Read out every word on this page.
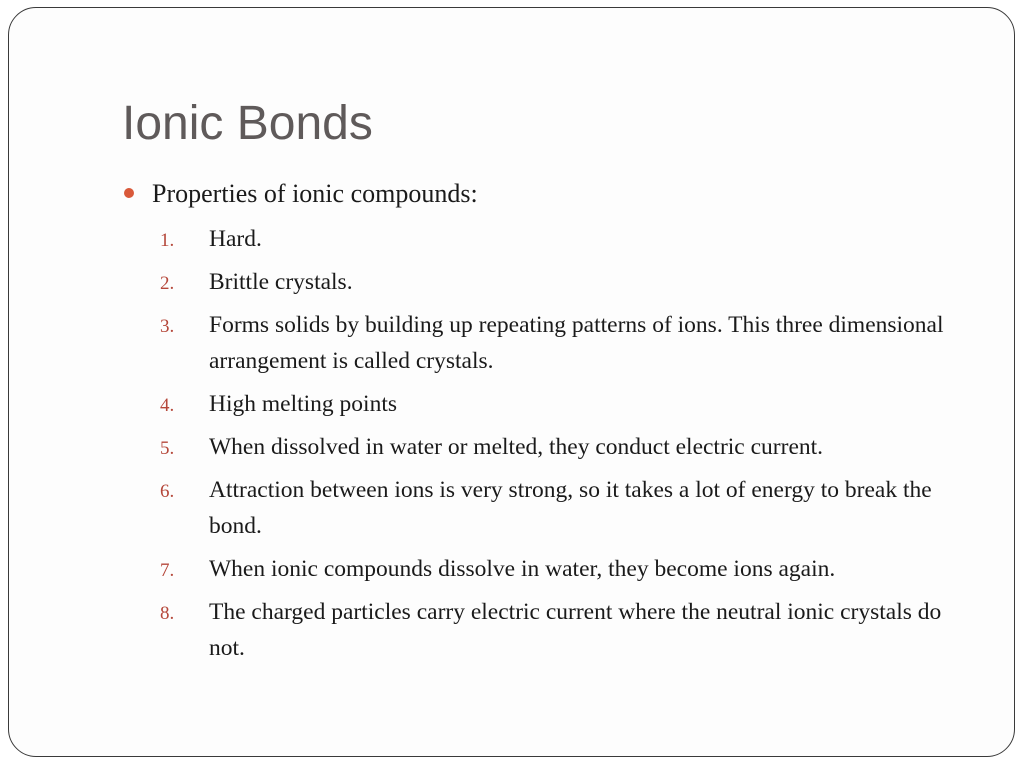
Ionic Bonds
Properties of ionic compounds:
1. Hard.
2. Brittle crystals.
3. Forms solids by building up repeating patterns of ions. This three dimensional arrangement is called crystals.
4. High melting points
5. When dissolved in water or melted, they conduct electric current.
6. Attraction between ions is very strong, so it takes a lot of energy to break the bond.
7. When ionic compounds dissolve in water, they become ions again.
8. The charged particles carry electric current where the neutral ionic crystals do not.
